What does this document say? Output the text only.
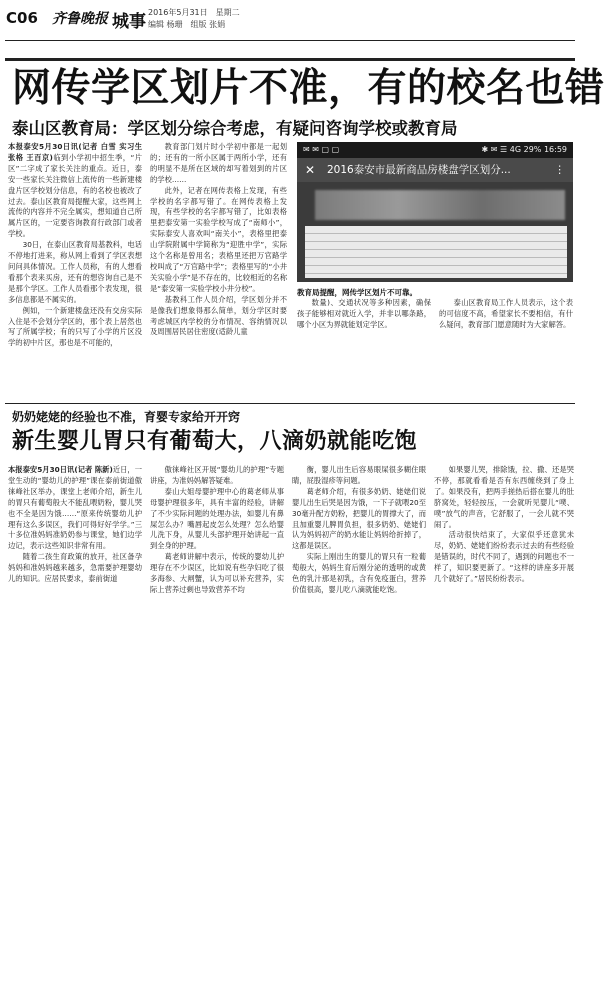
C06 齐鲁晚报 城事 2016年5月31日　星期二
编辑 杨珊　组版 张娟
网传学区划片不准，有的校名也错
泰山区教育局：学区划分综合考虑，有疑问咨询学校或教育局

本报泰安5月30日讯(记者 白雪 实习生 张格 王百京)临到小学初中招生季，“片区”二字成了家长关注的重点。近日，泰安一些家长关注微信上流传的一些新建楼盘片区学校划分信息，有的名校也被改了过去。泰山区教育局提醒大家，这些网上流传的内容并不完全属实，想知道自己所属片区的，一定要咨询教育行政部门或者学校。

30日，在泰山区教育局基教科，电话不停地打进来，称从网上看到了学区表想问问具体情况。工作人员称，有的人想看看那个表来买房，还有的想咨询自己是不是那个学区。工作人员看那个表发现，很多信息都是不属实的。

例如，一个新建楼盘还没有交房实际入住是不会划分学区的，那个表上居然也写了所属学校；有的只写了小学的片区没学的初中片区，那也是不可能的，

教育部门划片时小学初中都是一起划的；还有的一所小区属于两所小学，还有的明显不是所在区域的却写着划到的片区的学校……

此外，记者在网传表格上发现，有些学校的名字都写错了。在网传表格上发现，有些学校的名字都写错了，比如表格里把泰安第一实验学校写成了“南师小”，实际泰安人喜欢叫“南关小”，表格里把泰山学院附属中学简称为“迎胜中学”，实际这个名称是曾用名；表格里还把万官路学校叫成了“万官路中学”；表格里写的“小井关实验小学”是不存在的，比较相近的名称是“泰安第一实验学校小井分校”。

基教科工作人员介绍，学区划分并不是像我们想象得那么简单，划分学区时要考虑城区内学校的分布情况、容纳情况以及周围居民居住密度(适龄儿童

✉ ✉ ▢ ▢	✱ ✉ ☰ 4G 29% 16:59
✕ 2016泰安市最新商品房楼盘学区划分...	⋮
教育局提醒，网传学区划片不可靠。

数量)、交通状况等多种因素，确保孩子能够相对就近入学，并非以哪条路，哪个小区为界就能划定学区。

泰山区教育局工作人员表示，这个表的可信度不高，希望家长不要相信，有什么疑问，教育部门愿意随时为大家解答。

奶奶姥姥的经验也不准，育婴专家给开开窍
新生婴儿胃只有葡萄大，八滴奶就能吃饱

本报泰安5月30日讯(记者 陈新)近日，一堂生动的“婴幼儿的护理”课在泰前街道傲徕峰社区举办，课堂上老师介绍，新生儿的胃只有葡萄般大不能乱喂奶粉，婴儿哭也不全是因为饿……“原来传统婴幼儿护理有这么多误区，我们可得好好学学。”三十多位准妈妈准奶奶参与课堂，她们边学边记，表示这些知识非常有用。

随着二孩生育政策的放开，社区备孕妈妈和准妈妈越来越多，急需要护理婴幼儿的知识。应居民要求，泰前街道

傲徕峰社区开展“婴幼儿的护理”专题讲座，为准妈妈解答疑难。

泰山大姐母婴护理中心的葛老师从事母婴护理很多年，具有丰富的经验，讲解了不少实际问题的处理办法，如婴儿有鼻屎怎么办？嘴唇起皮怎么处理？怎么给婴儿洗下身，从婴儿头部护理开始讲起一直到全身的护理。

葛老师讲解中表示，传统的婴幼儿护理存在不少误区，比如说有些孕妇吃了很多海参、大闸蟹，认为可以补充营养，实际上营养过剩也导致营养不均

衡，婴儿出生后容易眼屎很多糊住眼睛，屁股湿疹等问题。

葛老师介绍，有很多奶奶、姥姥们说婴儿出生后哭是因为饿，一下子就喂20至30毫升配方奶粉，把婴儿的胃撑大了，而且加重婴儿脾胃负担，很多奶奶、姥姥们认为妈妈初产的奶水能让妈妈给折掉了，这都是误区。

实际上刚出生的婴儿的胃只有一粒葡萄般大，妈妈生育后刚分泌的透明的或黄色的乳汁那是初乳，含有免疫蛋白，营养价值很高，婴儿吃八滴就能吃饱。

如果婴儿哭，排除饿，拉、撒、还是哭不停，那就看看是否有东西缠绕到了身上了。如果没有，把两手搓热后搭在婴儿的肚脐窝处，轻轻按压，一会就听见婴儿“噗、噗”放气的声音，它舒服了，一会儿就不哭闹了。

活动很快结束了，大家似乎还意犹未尽，奶奶、姥姥们纷纷表示过去的有些经验是错误的，时代不同了，遇到的问题也不一样了，知识要更新了。“这样的讲座多开展几个就好了。”居民纷纷表示。
